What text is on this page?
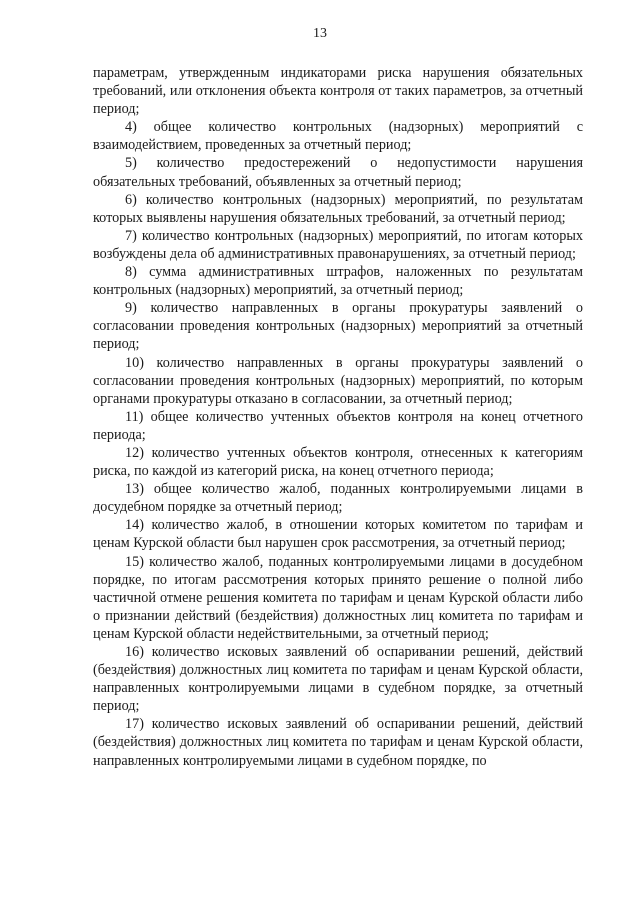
13

параметрам, утвержденным индикаторами риска нарушения обязательных требований, или отклонения объекта контроля от таких параметров, за отчетный период;

4) общее количество контрольных (надзорных) мероприятий с взаимодействием, проведенных за отчетный период;

5) количество предостережений о недопустимости нарушения обязательных требований, объявленных за отчетный период;

6) количество контрольных (надзорных) мероприятий, по результатам которых выявлены нарушения обязательных требований, за отчетный период;

7) количество контрольных (надзорных) мероприятий, по итогам которых возбуждены дела об административных правонарушениях, за отчетный период;

8) сумма административных штрафов, наложенных по результатам контрольных (надзорных) мероприятий, за отчетный период;

9) количество направленных в органы прокуратуры заявлений о согласовании проведения контрольных (надзорных) мероприятий за отчетный период;

10) количество направленных в органы прокуратуры заявлений о согласовании проведения контрольных (надзорных) мероприятий, по которым органами прокуратуры отказано в согласовании, за отчетный период;

11) общее количество учтенных объектов контроля на конец отчетного периода;

12) количество учтенных объектов контроля, отнесенных к категориям риска, по каждой из категорий риска, на конец отчетного периода;

13) общее количество жалоб, поданных контролируемыми лицами в досудебном порядке за отчетный период;

14) количество жалоб, в отношении которых комитетом по тарифам и ценам Курской области был нарушен срок рассмотрения, за отчетный период;

15) количество жалоб, поданных контролируемыми лицами в досудебном порядке, по итогам рассмотрения которых принято решение о полной либо частичной отмене решения комитета по тарифам и ценам Курской области либо о признании действий (бездействия) должностных лиц комитета по тарифам и ценам Курской области недействительными, за отчетный период;

16) количество исковых заявлений об оспаривании решений, действий (бездействия) должностных лиц комитета по тарифам и ценам Курской области, направленных контролируемыми лицами в судебном порядке, за отчетный период;

17) количество исковых заявлений об оспаривании решений, действий (бездействия) должностных лиц комитета по тарифам и ценам Курской области, направленных контролируемыми лицами в судебном порядке, по
